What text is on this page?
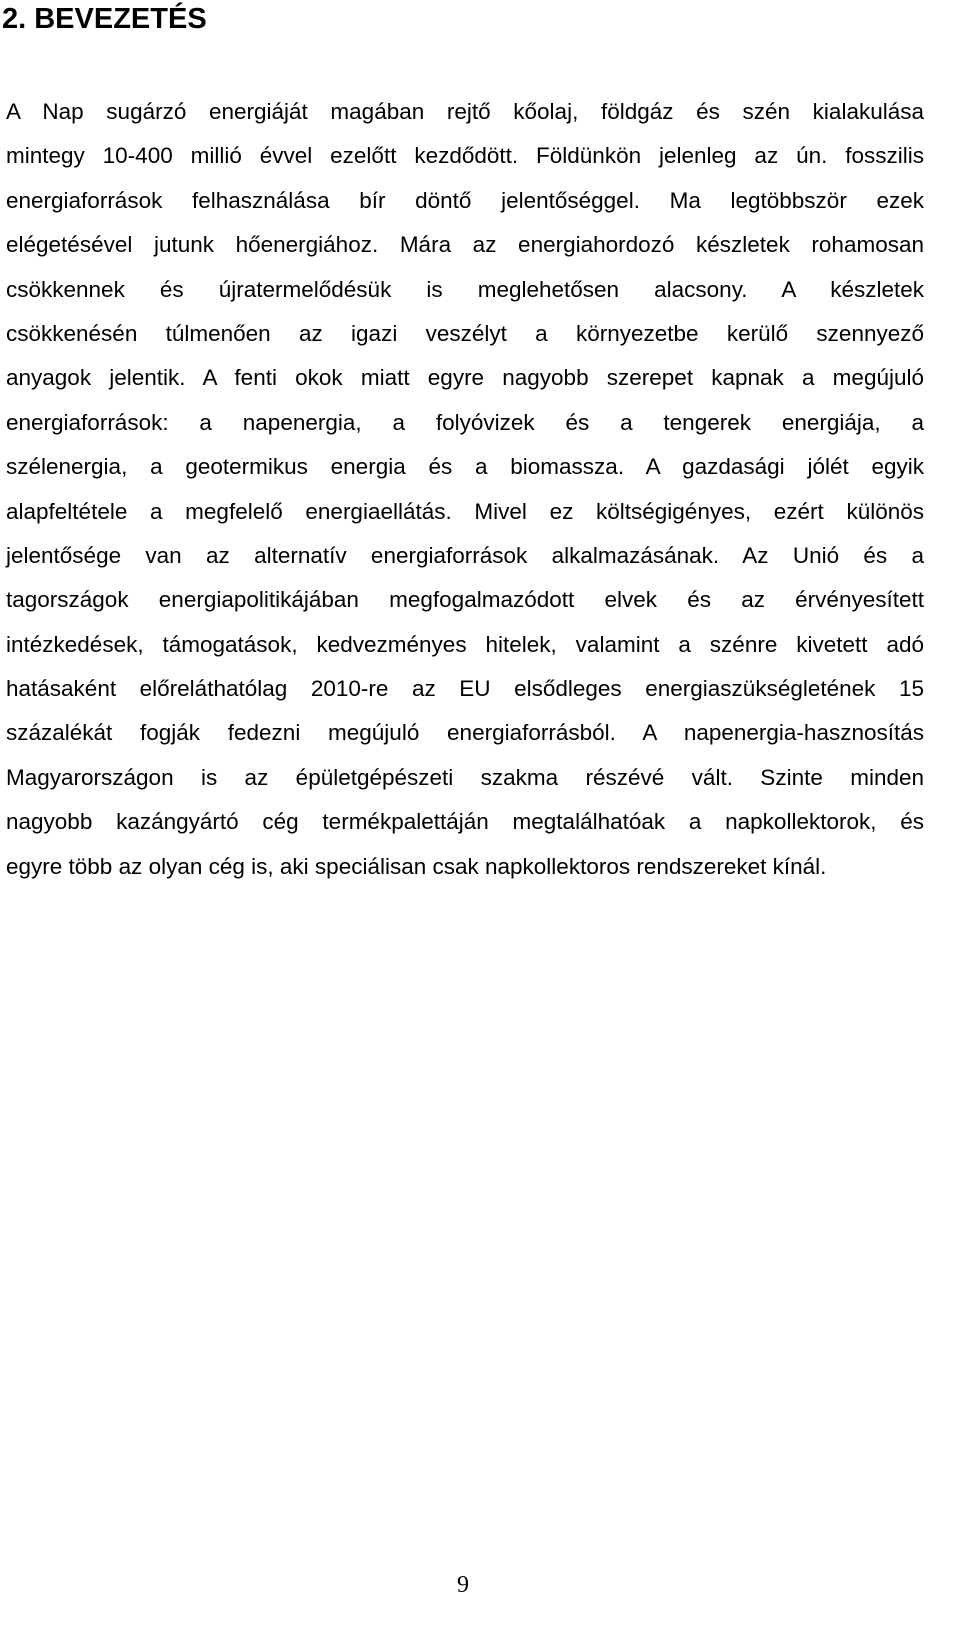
2. BEVEZETÉS
A Nap sugárzó energiáját magában rejtő kőolaj, földgáz és szén kialakulása
mintegy 10-400 millió évvel ezelőtt kezdődött. Földünkön jelenleg az ún. fosszilis
energiaforrások felhasználása bír döntő jelentőséggel. Ma legtöbbször ezek
elégetésével jutunk hőenergiához. Mára az energiahordozó készletek rohamosan
csökkennek és újratermelődésük is meglehetősen alacsony. A készletek
csökkenésén túlmenően az igazi veszélyt a környezetbe kerülő szennyező
anyagok jelentik. A fenti okok miatt egyre nagyobb szerepet kapnak a megújuló
energiaforrások: a napenergia, a folyóvizek és a tengerek energiája, a
szélenergia, a geotermikus energia és a biomassza. A gazdasági jólét egyik
alapfeltétele a megfelelő energiaellátás. Mivel ez költségigényes, ezért különös
jelentősége van az alternatív energiaforrások alkalmazásának. Az Unió és a
tagországok energiapolitikájában megfogalmazódott elvek és az érvényesített
intézkedések, támogatások, kedvezményes hitelek, valamint a szénre kivetett adó
hatásaként előreláthatólag 2010-re az EU elsődleges energiaszükségletének 15
százalékát fogják fedezni megújuló energiaforrásból. A napenergia-hasznosítás
Magyarországon is az épületgépészeti szakma részévé vált. Szinte minden
nagyobb kazángyártó cég termékpalettáján megtalálhatóak a napkollektorok, és
egyre több az olyan cég is, aki speciálisan csak napkollektoros rendszereket kínál.
9
